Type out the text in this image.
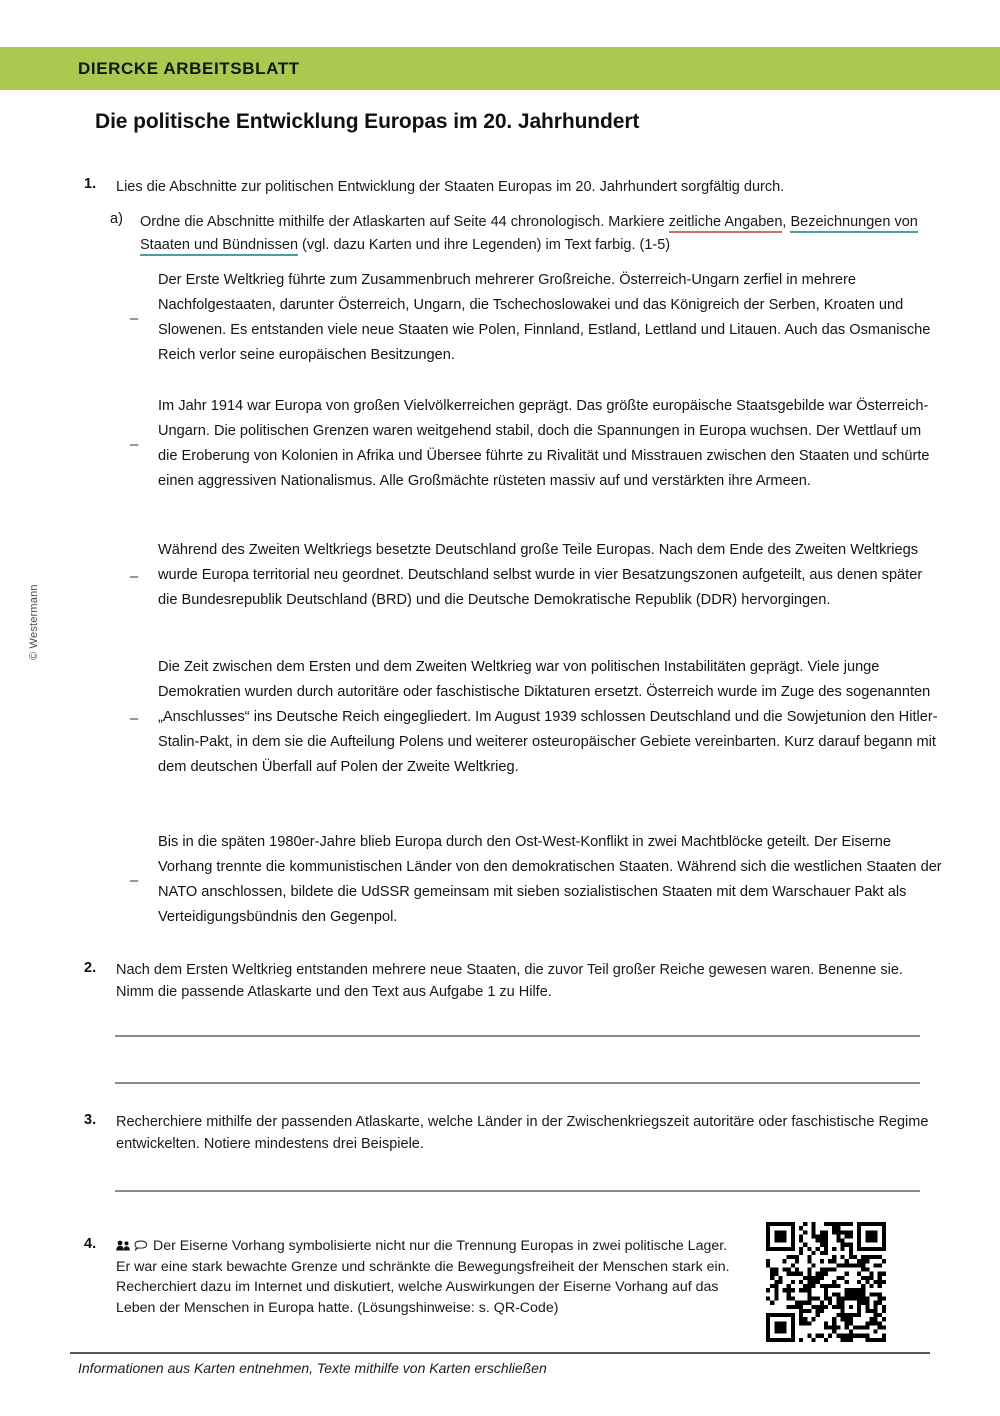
DIERCKE ARBEITSBLATT
Die politische Entwicklung Europas im 20. Jahrhundert
© Westermann
1.	Lies die Abschnitte zur politischen Entwicklung der Staaten Europas im 20. Jahrhundert sorgfältig durch.
a)	Ordne die Abschnitte mithilfe der Atlaskarten auf Seite 44 chronologisch. Markiere zeitliche Angaben, Bezeichnungen von Staaten und Bündnissen (vgl. dazu Karten und ihre Legenden) im Text farbig. (1-5)
–
Der Erste Weltkrieg führte zum Zusammenbruch mehrerer Großreiche. Österreich-Ungarn zerfiel in mehrere Nachfolgestaaten, darunter Österreich, Ungarn, die Tschechoslowakei und das Königreich der Serben, Kroaten und Slowenen. Es entstanden viele neue Staaten wie Polen, Finnland, Estland, Lettland und Litauen. Auch das Osmanische Reich verlor seine europäischen Besitzungen.
–
Im Jahr 1914 war Europa von großen Vielvölkerreichen geprägt. Das größte europäische Staatsgebilde war Österreich-Ungarn. Die politischen Grenzen waren weitgehend stabil, doch die Spannungen in Europa wuchsen. Der Wettlauf um die Eroberung von Kolonien in Afrika und Übersee führte zu Rivalität und Misstrauen zwischen den Staaten und schürte einen aggressiven Nationalismus. Alle Großmächte rüsteten massiv auf und verstärkten ihre Armeen.
–
Während des Zweiten Weltkriegs besetzte Deutschland große Teile Europas. Nach dem Ende des Zweiten Weltkriegs wurde Europa territorial neu geordnet. Deutschland selbst wurde in vier Besatzungszonen aufgeteilt, aus denen später die Bundesrepublik Deutschland (BRD) und die Deutsche Demokratische Republik (DDR) hervorgingen.
–
Die Zeit zwischen dem Ersten und dem Zweiten Weltkrieg war von politischen Instabilitäten geprägt. Viele junge Demokratien wurden durch autoritäre oder faschistische Diktaturen ersetzt. Österreich wurde im Zuge des sogenannten „Anschlusses“ ins Deutsche Reich eingegliedert. Im August 1939 schlossen Deutschland und die Sowjetunion den Hitler-Stalin-Pakt, in dem sie die Aufteilung Polens und weiterer osteuropäischer Gebiete vereinbarten. Kurz darauf begann mit dem deutschen Überfall auf Polen der Zweite Weltkrieg.
–
Bis in die späten 1980er-Jahre blieb Europa durch den Ost-West-Konflikt in zwei Machtblöcke geteilt. Der Eiserne Vorhang trennte die kommunistischen Länder von den demokratischen Staaten. Während sich die westlichen Staaten der NATO anschlossen, bildete die UdSSR gemeinsam mit sieben sozialistischen Staaten mit dem Warschauer Pakt als Verteidigungsbündnis den Gegenpol.
2.	Nach dem Ersten Weltkrieg entstanden mehrere neue Staaten, die zuvor Teil großer Reiche gewesen waren. Benenne sie. Nimm die passende Atlaskarte und den Text aus Aufgabe 1 zu Hilfe.
3.	Recherchiere mithilfe der passenden Atlaskarte, welche Länder in der Zwischenkriegszeit autoritäre oder faschistische Regime entwickelten. Notiere mindestens drei Beispiele.
4.	Der Eiserne Vorhang symbolisierte nicht nur die Trennung Europas in zwei politische Lager. Er war eine stark bewachte Grenze und schränkte die Bewegungsfreiheit der Menschen stark ein. Recherchiert dazu im Internet und diskutiert, welche Auswirkungen der Eiserne Vorhang auf das Leben der Menschen in Europa hatte. (Lösungshinweise: s. QR-Code)
Informationen aus Karten entnehmen, Texte mithilfe von Karten erschließen
